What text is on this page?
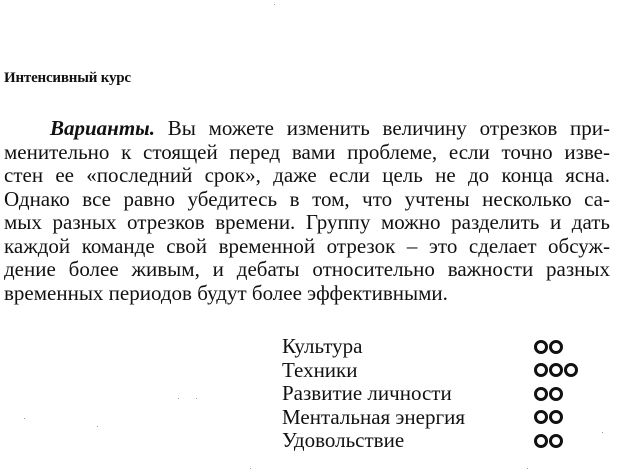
Интенсивный курс
Варианты. Вы можете изменить величину отрезков при-
менительно к стоящей перед вами проблеме, если точно изве-
стен ее «последний срок», даже если цель не до конца ясна.
Однако все равно убедитесь в том, что учтены несколько са-
мых разных отрезков времени. Группу можно разделить и дать
каждой команде свой временной отрезок – это сделает обсуж-
дение более живым, и дебаты относительно важности разных
временных периодов будут более эффективными.
Культура
Техники
Развитие личности
Ментальная энергия
Удовольствие
